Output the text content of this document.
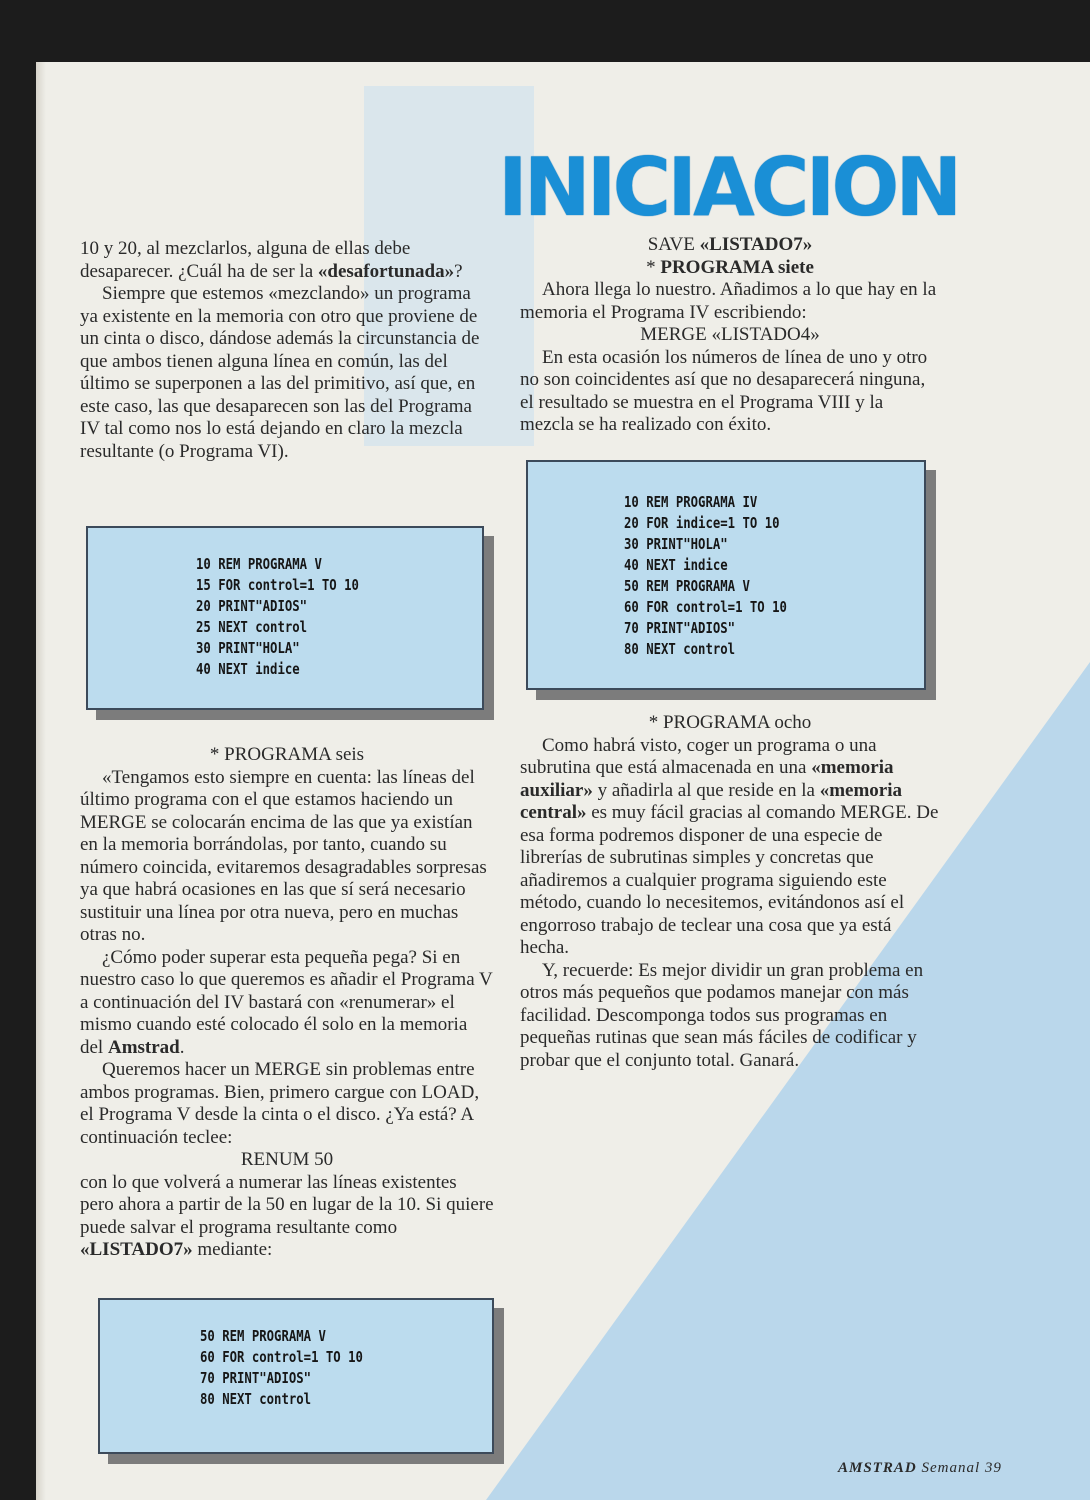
INICIACION

10 y 20, al mezclarlos, alguna de ellas debe desaparecer. ¿Cuál ha de ser la «desafortunada»?

Siempre que estemos «mezclando» un programa ya existente en la memoria con otro que proviene de un cinta o disco, dándose además la circunstancia de que ambos tienen alguna línea en común, las del último se superponen a las del primitivo, así que, en este caso, las que desaparecen son las del Programa IV tal como nos lo está dejando en claro la mezcla resultante (o Programa VI).

10 REM PROGRAMA V
15 FOR control=1 TO 10
20 PRINT"ADIOS"
25 NEXT control
30 PRINT"HOLA"
40 NEXT indice

* PROGRAMA seis

«Tengamos esto siempre en cuenta: las líneas del último programa con el que estamos haciendo un MERGE se colocarán encima de las que ya existían en la memoria borrándolas, por tanto, cuando su número coincida, evitaremos desagradables sorpresas ya que habrá ocasiones en las que sí será necesario sustituir una línea por otra nueva, pero en muchas otras no.

¿Cómo poder superar esta pequeña pega? Si en nuestro caso lo que queremos es añadir el Programa V a continuación del IV bastará con «renumerar» el mismo cuando esté colocado él solo en la memoria del Amstrad.

Queremos hacer un MERGE sin problemas entre ambos programas. Bien, primero cargue con LOAD, el Programa V desde la cinta o el disco. ¿Ya está? A continuación teclee:

RENUM 50

con lo que volverá a numerar las líneas existentes pero ahora a partir de la 50 en lugar de la 10. Si quiere puede salvar el programa resultante como «LISTADO7» mediante:

50 REM PROGRAMA V
60 FOR control=1 TO 10
70 PRINT"ADIOS"
80 NEXT control

SAVE «LISTADO7»

* PROGRAMA siete

Ahora llega lo nuestro. Añadimos a lo que hay en la memoria el Programa IV escribiendo:

MERGE «LISTADO4»

En esta ocasión los números de línea de uno y otro no son coincidentes así que no desaparecerá ninguna, el resultado se muestra en el Programa VIII y la mezcla se ha realizado con éxito.

10 REM PROGRAMA IV
20 FOR indice=1 TO 10
30 PRINT"HOLA"
40 NEXT indice
50 REM PROGRAMA V
60 FOR control=1 TO 10
70 PRINT"ADIOS"
80 NEXT control

* PROGRAMA ocho

Como habrá visto, coger un programa o una subrutina que está almacenada en una «memoria auxiliar» y añadirla al que reside en la «memoria central» es muy fácil gracias al comando MERGE. De esa forma podremos disponer de una especie de librerías de subrutinas simples y concretas que añadiremos a cualquier programa siguiendo este método, cuando lo necesitemos, evitándonos así el engorroso trabajo de teclear una cosa que ya está hecha.

Y, recuerde: Es mejor dividir un gran problema en otros más pequeños que podamos manejar con más facilidad. Descomponga todos sus programas en pequeñas rutinas que sean más fáciles de codificar y probar que el conjunto total. Ganará.

AMSTRAD Semanal 39
